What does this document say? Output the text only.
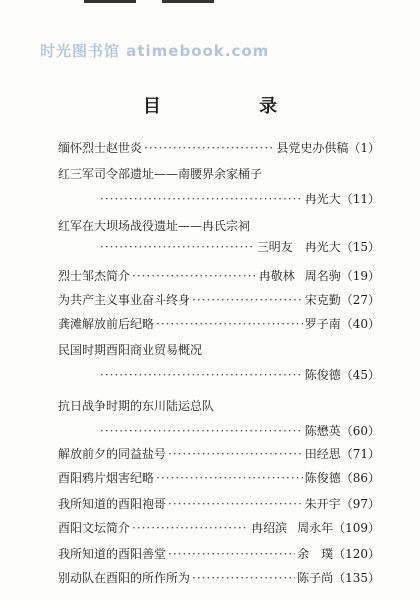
时光图书馆 atimebook.com
目 录
缅怀烈士赵世炎 ·····	县党史办供稿 （1）
红三军司令部遗址——南腰界余家桶子
·····
冉光大 （11）
红军在大坝场战役遗址——冉氏宗祠
·····
三明友　冉光大 （15）
烈士邹杰简介 ·····	冉敬林 周名驹 （19）
为共产主义事业奋斗终身 ·····	宋克勤 （27）
龚滩解放前后纪略 ·····	罗子南 （40）
民国时期酉阳商业贸易概况
·····
陈俊德 （45）
抗日战争时期的东川陆运总队
·····
陈懋英 （60）
解放前夕的同益盐号 ·····	田经思 （71）
酉阳鸦片烟害纪略 ·····	陈俊德 （86）
我所知道的酉阳袍哥 ·····	朱开宇 （97）
酉阳文坛简介 ·····	冉绍滨 周永年 （109）
我所知道的酉阳善堂 ·····	余　璞 （120）
别动队在酉阳的所作所为 ·····	陈子尚 （135）
